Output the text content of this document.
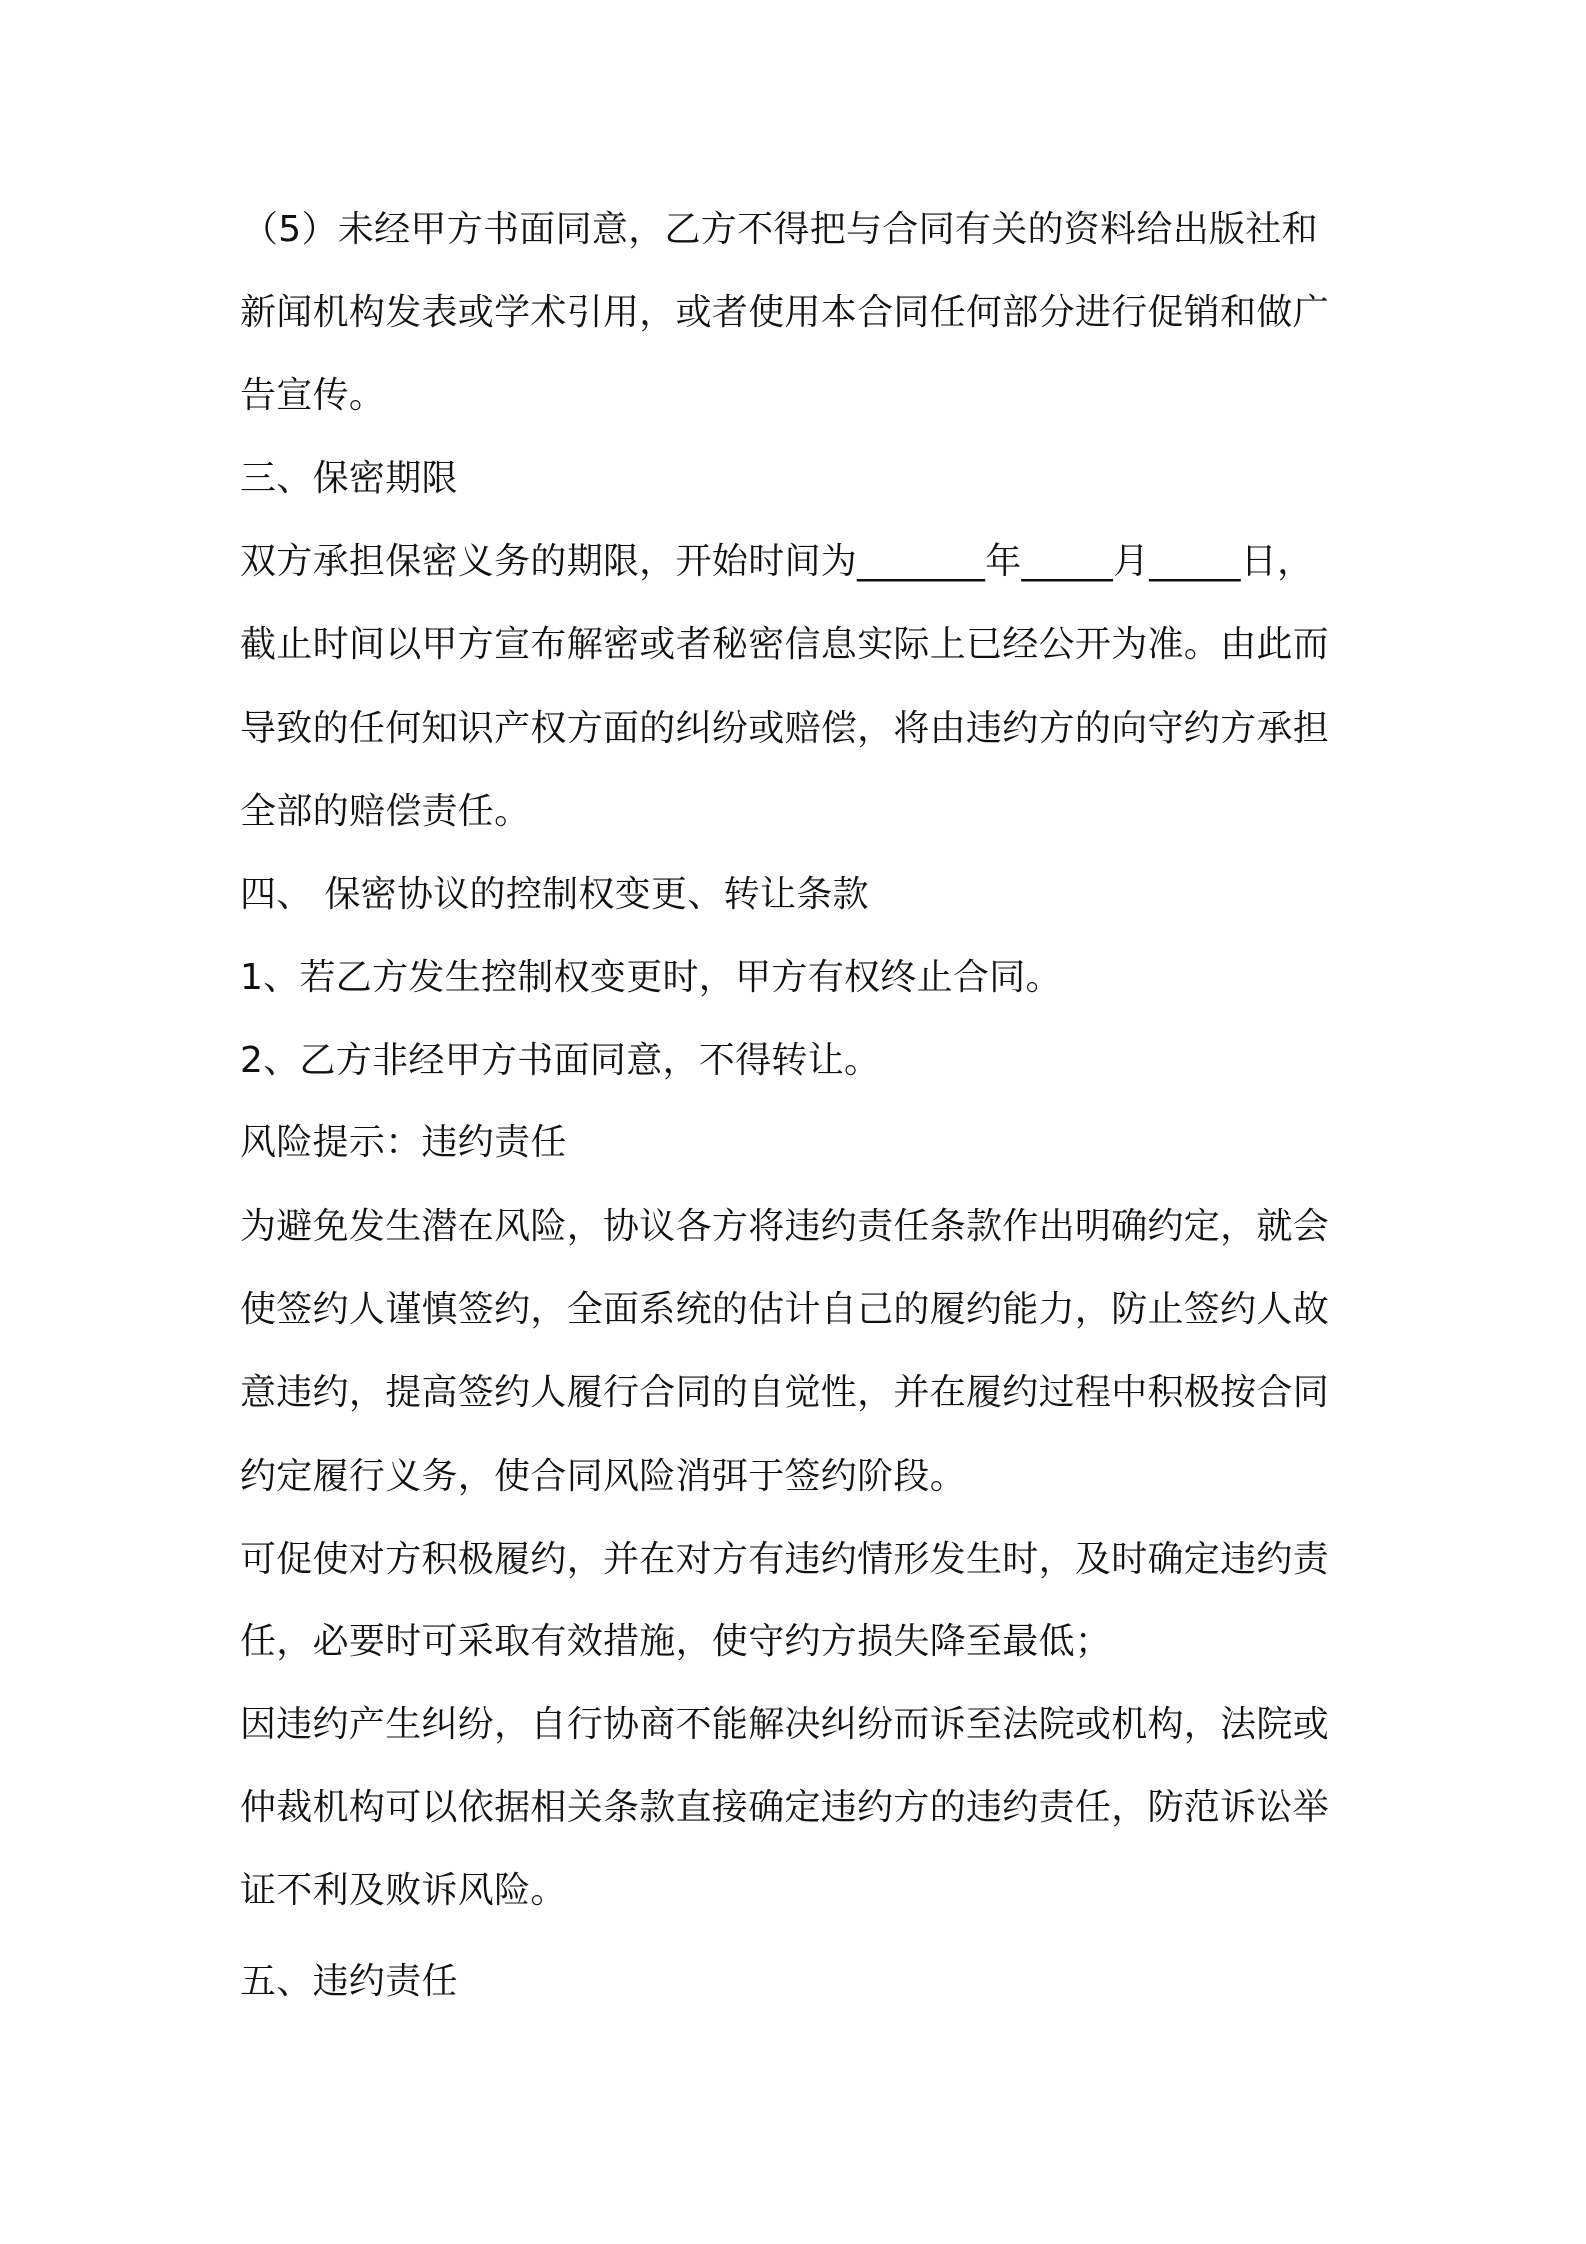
（5）未经甲方书面同意，乙方不得把与合同有关的资料给出版社和
新闻机构发表或学术引用，或者使用本合同任何部分进行促销和做广
告宣传。
三、保密期限
双方承担保密义务的期限，开始时间为_______年_____月_____日，
截止时间以甲方宣布解密或者秘密信息实际上已经公开为准。由此而
导致的任何知识产权方面的纠纷或赔偿，将由违约方的向守约方承担
全部的赔偿责任。
四、 保密协议的控制权变更、转让条款
1、若乙方发生控制权变更时，甲方有权终止合同。
2、乙方非经甲方书面同意，不得转让。
风险提示：违约责任
为避免发生潜在风险，协议各方将违约责任条款作出明确约定，就会
使签约人谨慎签约，全面系统的估计自己的履约能力，防止签约人故
意违约，提高签约人履行合同的自觉性，并在履约过程中积极按合同
约定履行义务，使合同风险消弭于签约阶段。
可促使对方积极履约，并在对方有违约情形发生时，及时确定违约责
任，必要时可采取有效措施，使守约方损失降至最低；
因违约产生纠纷，自行协商不能解决纠纷而诉至法院或机构，法院或
仲裁机构可以依据相关条款直接确定违约方的违约责任，防范诉讼举
证不利及败诉风险。
五、违约责任
